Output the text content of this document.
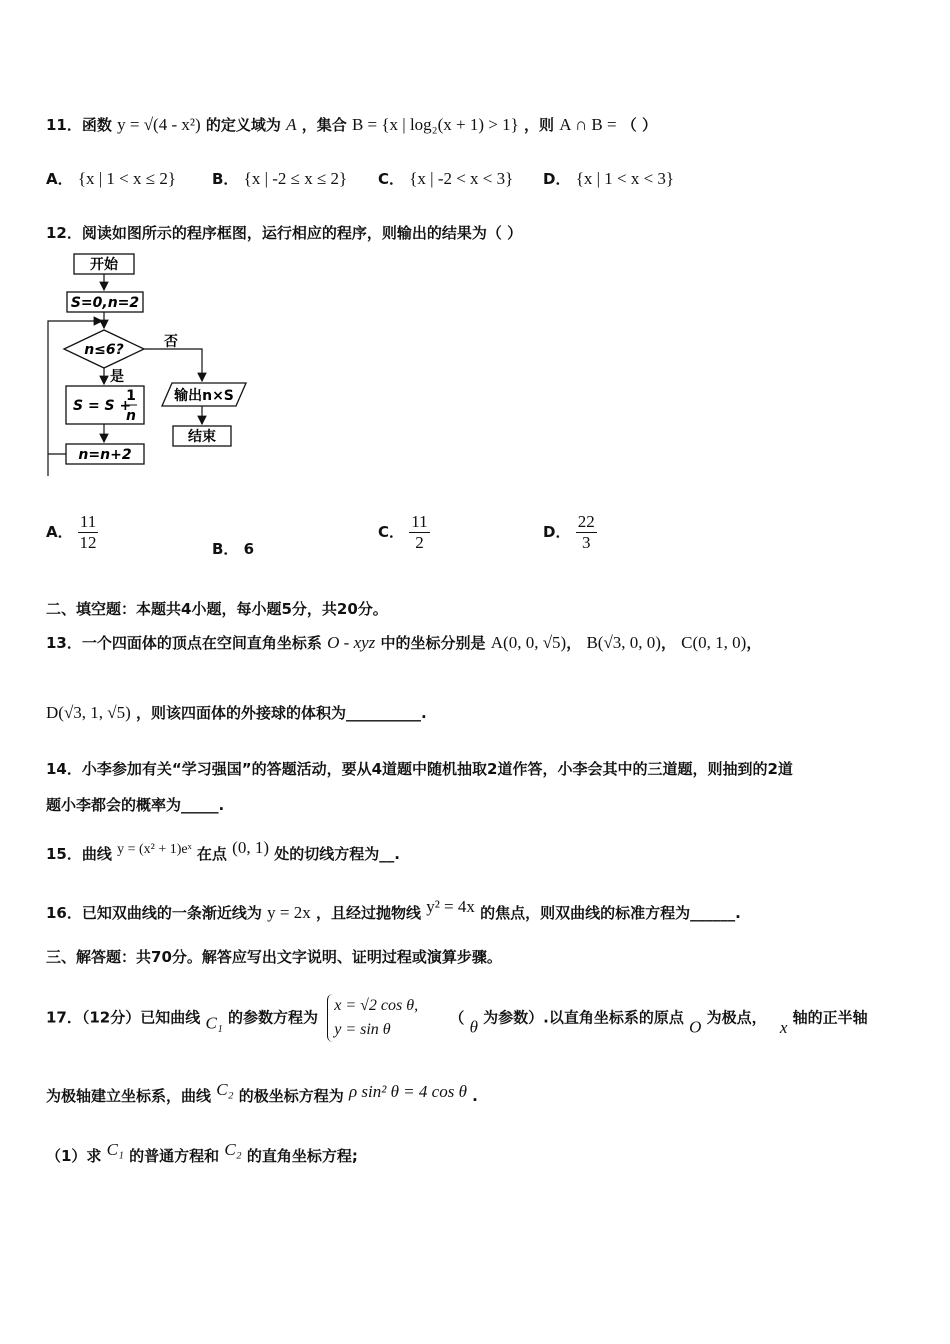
11．函数 y = √(4 - x²) 的定义域为 A ，集合 B = {x | log₂(x + 1) > 1} ，则 A ∩ B = （ ）
A． {x | 1 < x ≤ 2} B． {x | -2 ≤ x ≤ 2} C． {x | -2 < x < 3} D． {x | 1 < x < 3}
12．阅读如图所示的程序框图，运行相应的程序，则输出的结果为（ ）
开始
S=0,n=2
n≤6?	否
是
S = S +
1
n
n=n+2
输出n×S
结束
A． $\frac{11}{12}$	B． 6
C． $\frac{11}{2}$	D． $\frac{22}{3}$
二、填空题：本题共4小题，每小题5分，共20分。
13．一个四面体的顶点在空间直角坐标系 O - xyz 中的坐标分别是 A(0, 0, √5)， B(√3, 0, 0)， C(0, 1, 0)，
D(√3, 1, √5) ，则该四面体的外接球的体积为__________.
14．小李参加有关“学习强国”的答题活动，要从4道题中随机抽取2道作答，小李会其中的三道题，则抽到的2道
题小李都会的概率为_____.
15．曲线 y = (x² + 1)eˣ 在点 (0, 1) 处的切线方程为__.
16．已知双曲线的一条渐近线为 y = 2x ，且经过抛物线 y² = 4x 的焦点，则双曲线的标准方程为______.
三、解答题：共70分。解答应写出文字说明、证明过程或演算步骤。
17．（12分）已知曲线 C₁ 的参数方程为
x = √2 cos θ,
y = sin θ
（ θ 为参数）.以直角坐标系的原点 O 为极点， x 轴的正半轴
为极轴建立坐标系，曲线 C₂ 的极坐标方程为 ρ sin² θ = 4 cos θ .
（1）求 C₁ 的普通方程和 C₂ 的直角坐标方程;
